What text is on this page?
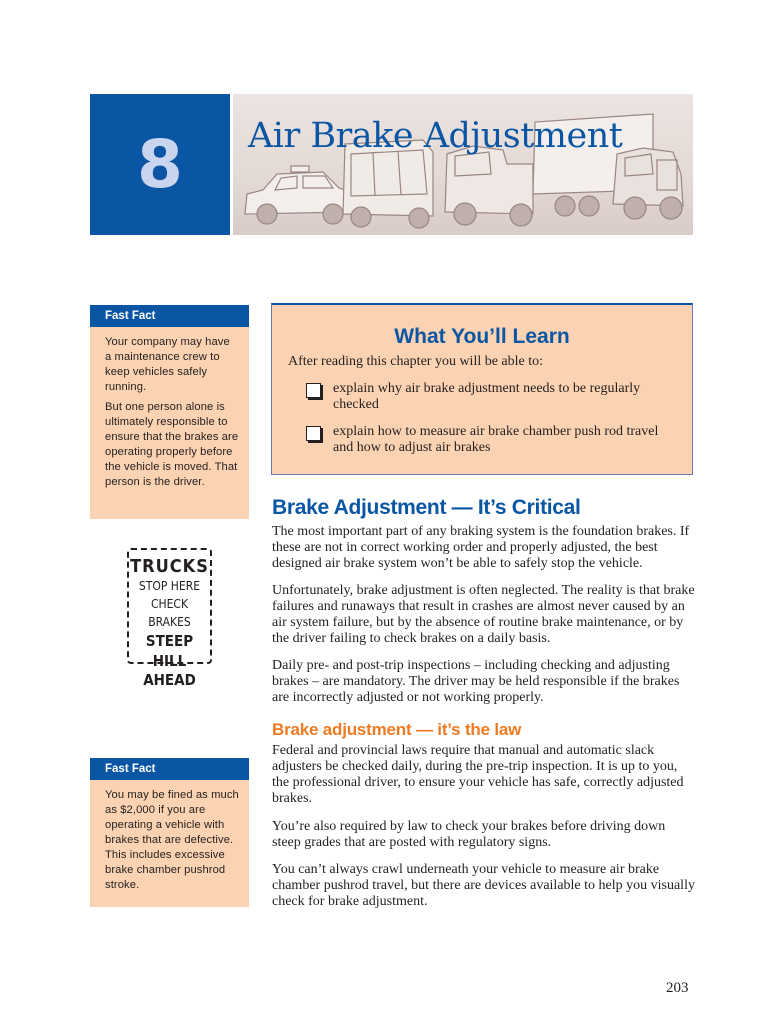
8 Air Brake Adjustment
Fast Fact

Your company may have a maintenance crew to keep vehicles safely running.

But one person alone is ultimately responsible to ensure that the brakes are operating properly before the vehicle is moved. That person is the driver.

TRUCKS
STOP HERE
CHECK BRAKES
STEEP HILL
AHEAD
Fast Fact

You may be fined as much as $2,000 if you are operating a vehicle with brakes that are defective. This includes excessive brake chamber pushrod stroke.

What You’ll Learn
After reading this chapter you will be able to:
explain why air brake adjustment needs to be regularly checked
explain how to measure air brake chamber push rod travel and how to adjust air brakes
Brake Adjustment — It’s Critical

The most important part of any braking system is the foundation brakes. If these are not in correct working order and properly adjusted, the best designed air brake system won’t be able to safely stop the vehicle.

Unfortunately, brake adjustment is often neglected. The reality is that brake failures and runaways that result in crashes are almost never caused by an air system failure, but by the absence of routine brake maintenance, or by the driver failing to check brakes on a daily basis.

Daily pre- and post-trip inspections – including checking and adjusting brakes – are mandatory. The driver may be held responsible if the brakes are incorrectly adjusted or not working properly.

Brake adjustment — it’s the law

Federal and provincial laws require that manual and automatic slack adjusters be checked daily, during the pre-trip inspection. It is up to you, the professional driver, to ensure your vehicle has safe, correctly adjusted brakes.

You’re also required by law to check your brakes before driving down steep grades that are posted with regulatory signs.

You can’t always crawl underneath your vehicle to measure air brake chamber pushrod travel, but there are devices available to help you visually check for brake adjustment.

203
